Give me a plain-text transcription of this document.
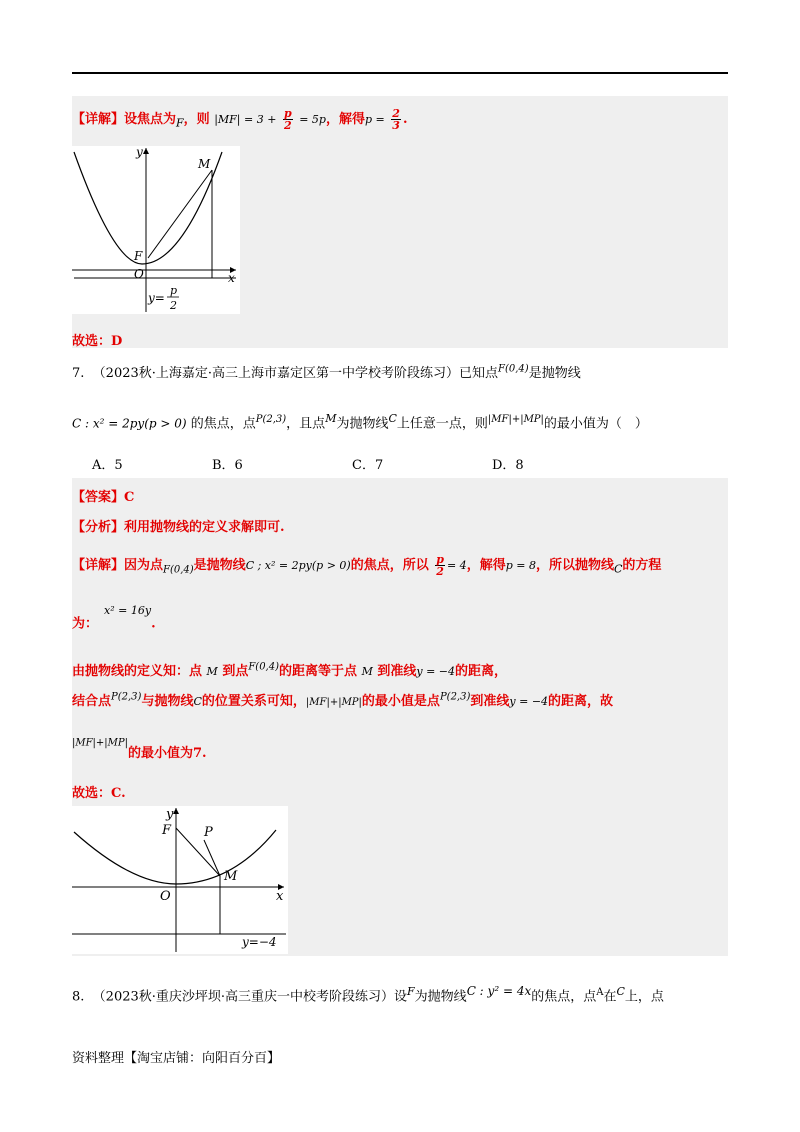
【详解】设焦点为$_F$，则 $|MF| = 3 + \frac{p}{2} = 5p$，解得$p = \frac{2}{3}$ .
y
x
O
F
M
y=
p
2
故选：D
7. （2023秋·上海嘉定·高三上海市嘉定区第一中学校考阶段练习）已知点$^{F(0,4)}$是抛物线
C : x² = 2py(p > 0) 的焦点，点$^{P(2,3)}$，且点$^M$为抛物线$^C$上任意一点，则$^{|MF|+|MP|}$的最小值为（　）
A．5	B．6	C．7	D．8
【答案】C
【分析】利用抛物线的定义求解即可.
【详解】因为点$_{F(0,4)}$是抛物线C ; x² = 2py(p > 0)的焦点，所以 $\frac{p}{2} = 4$，解得p = 8，所以抛物线$_C$的方程
为：$^{x^2 = 16y}$.
由抛物线的定义知：点 M 到点$^{F(0,4)}$的距离等于点 M 到准线y = −4的距离，
结合点$^{P(2,3)}$与抛物线C的位置关系可知，|MF|+|MP|的最小值是点$^{P(2,3)}$到准线y = −4的距离，故
$^{|MF|+|MP|}$的最小值为7.
故选：C.
y
x
O
F	P
M
y=−4
8. （2023秋·重庆沙坪坝·高三重庆一中校考阶段练习）设$^F$为抛物线$^{C : y^2 = 4x}$的焦点，点$^A$在$^C$上，点
资料整理【淘宝店铺：向阳百分百】
